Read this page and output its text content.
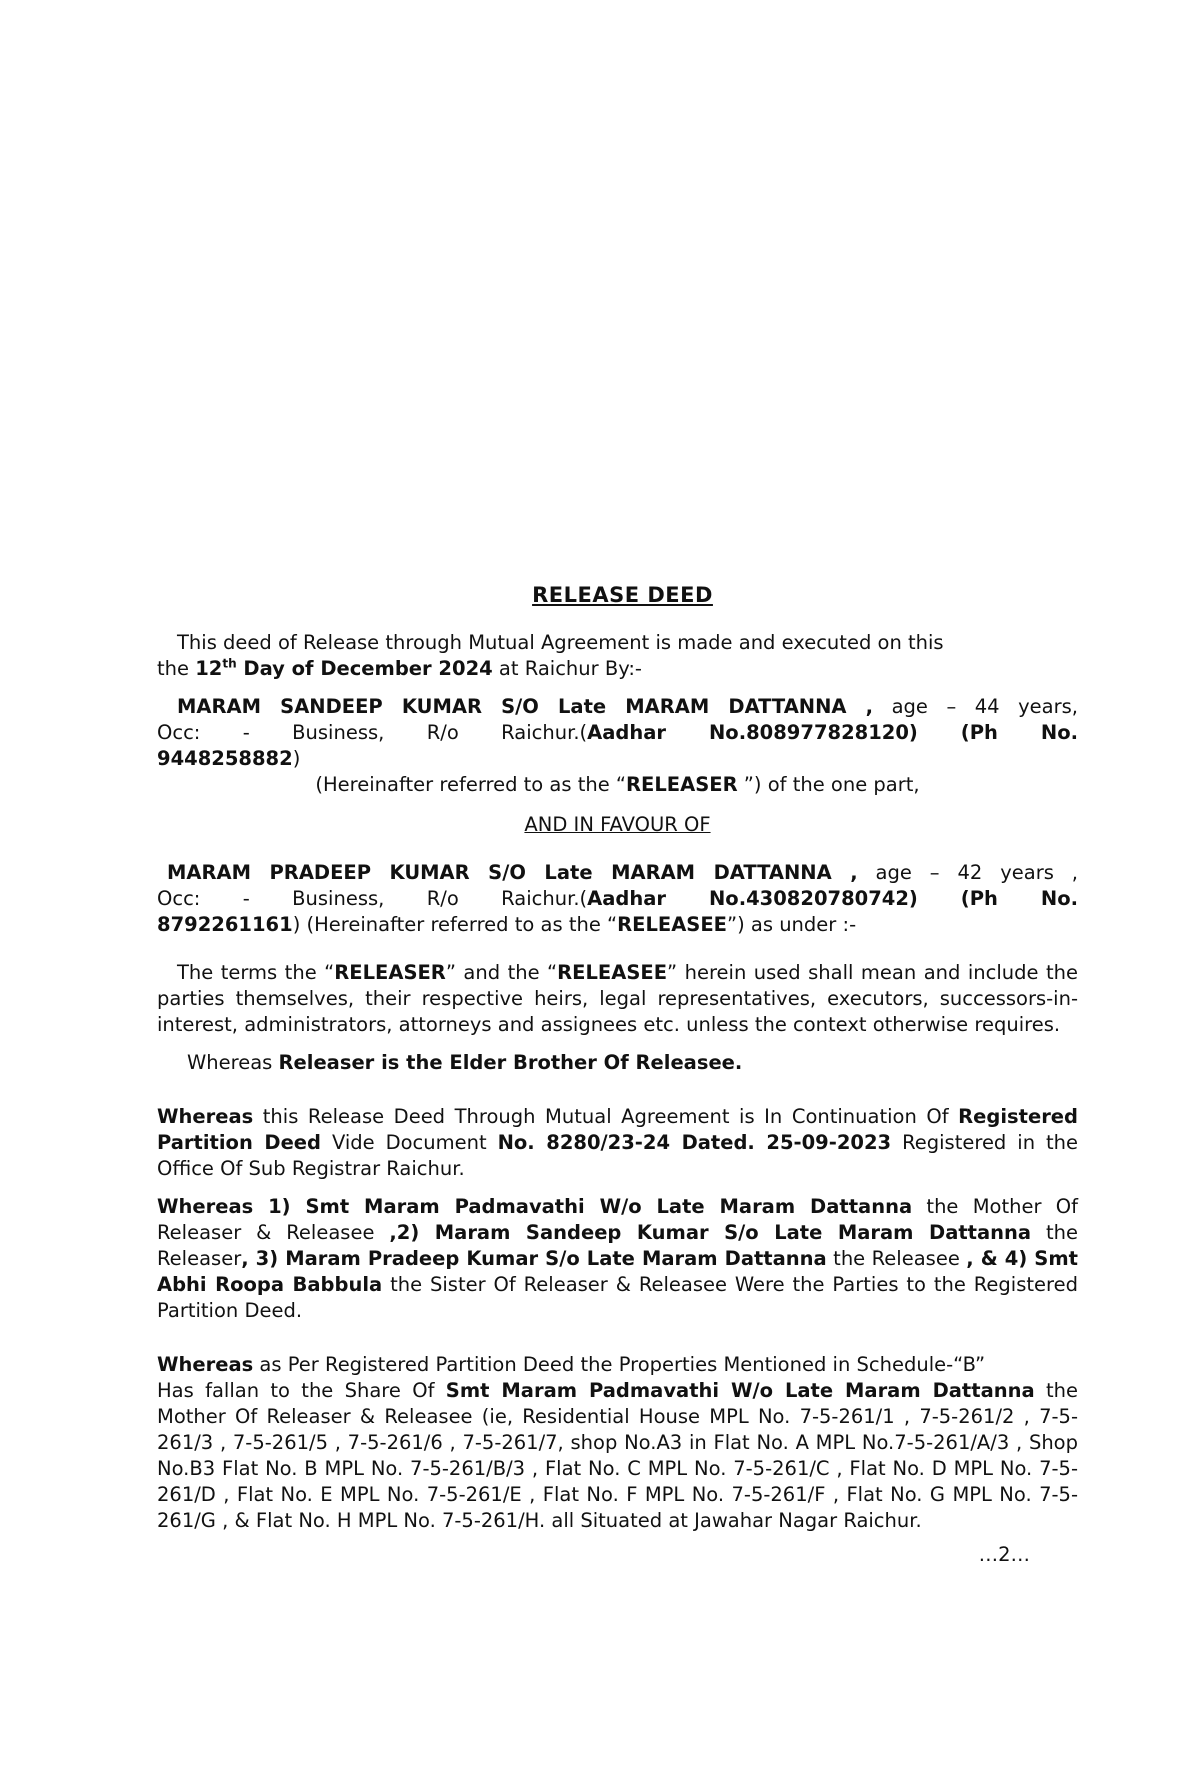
RELEASE DEED

This deed of Release through Mutual Agreement is made and executed on this

the 12th Day of December 2024 at Raichur By:-

MARAM SANDEEP KUMAR S/O Late MARAM DATTANNA , age – 44 years,

Occ: - Business, R/o Raichur.(Aadhar No.808977828120) (Ph No.

9448258882)

(Hereinafter referred to as the “RELEASER ”) of the one part,

AND IN FAVOUR OF

MARAM PRADEEP KUMAR S/O Late MARAM DATTANNA , age – 42 years ,

Occ: - Business, R/o Raichur.(Aadhar No.430820780742) (Ph No.

8792261161) (Hereinafter referred to as the “RELEASEE”) as under :-

The terms the “RELEASER” and the “RELEASEE” herein used shall mean and include the parties themselves, their respective heirs, legal representatives, executors, successors-in-interest, administrators, attorneys and assignees etc. unless the context otherwise requires.

Whereas Releaser is the Elder Brother Of Releasee.

Whereas this Release Deed Through Mutual Agreement is In Continuation Of Registered Partition Deed Vide Document No. 8280/23-24 Dated. 25-09-2023 Registered in the Office Of Sub Registrar Raichur.

Whereas 1) Smt Maram Padmavathi W/o Late Maram Dattanna the Mother Of Releaser & Releasee ,2) Maram Sandeep Kumar S/o Late Maram Dattanna the Releaser, 3) Maram Pradeep Kumar S/o Late Maram Dattanna the Releasee , & 4) Smt Abhi Roopa Babbula the Sister Of Releaser & Releasee Were the Parties to the Registered Partition Deed.

Whereas as Per Registered Partition Deed the Properties Mentioned in Schedule-“B”

Has fallan to the Share Of Smt Maram Padmavathi W/o Late Maram Dattanna the Mother Of Releaser & Releasee (ie, Residential House MPL No. 7-5-261/1 , 7-5-261/2 , 7-5-261/3 , 7-5-261/5 , 7-5-261/6 , 7-5-261/7, shop No.A3 in Flat No. A MPL No.7-5-261/A/3 , Shop No.B3 Flat No. B MPL No. 7-5-261/B/3 , Flat No. C MPL No. 7-5-261/C , Flat No. D MPL No. 7-5-261/D , Flat No. E MPL No. 7-5-261/E , Flat No. F MPL No. 7-5-261/F , Flat No. G MPL No. 7-5-261/G , & Flat No. H MPL No. 7-5-261/H. all Situated at Jawahar Nagar Raichur.

…2…
